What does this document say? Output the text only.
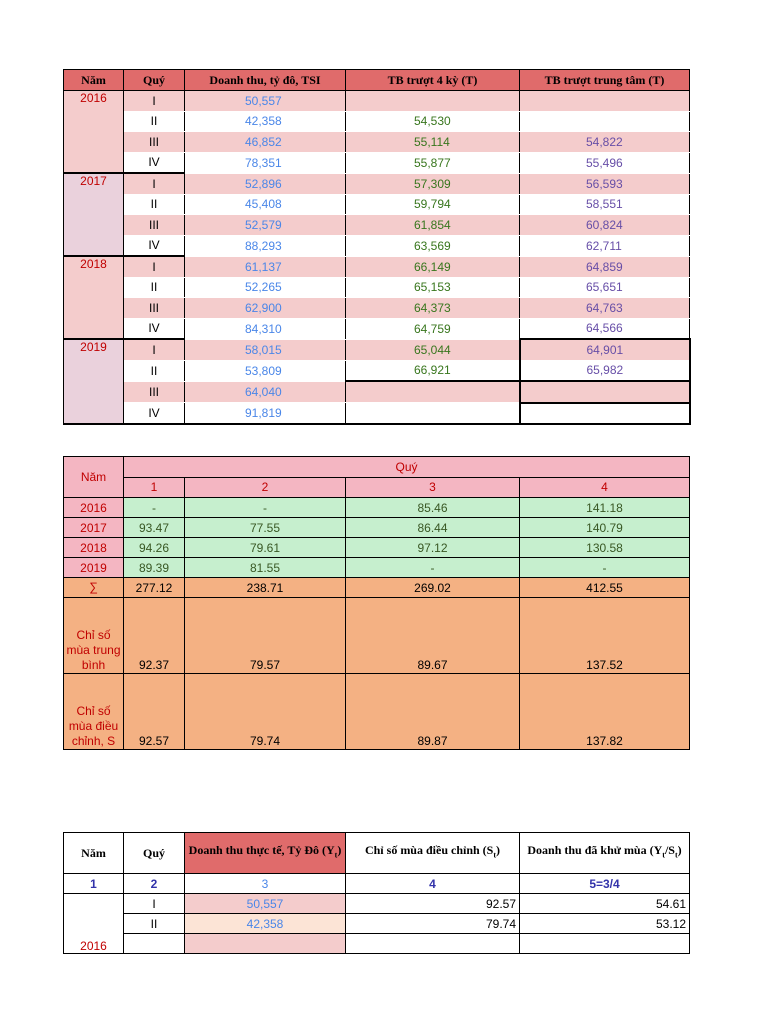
Năm	Quý	Doanh thu, tỷ đô, TSI	TB trượt 4 kỳ (T)	TB trượt trung tâm (T)
2016	I	50,557		
	II	42,358	54,530	
	III	46,852	55,114	54,822
	IV	78,351	55,877	55,496
2017	I	52,896	57,309	56,593
	II	45,408	59,794	58,551
	III	52,579	61,854	60,824
	IV	88,293	63,569	62,711
2018	I	61,137	66,149	64,859
	II	52,265	65,153	65,651
	III	62,900	64,373	64,763
	IV	84,310	64,759	64,566
2019	I	58,015	65,044	64,901
	II	53,809	66,921	65,982
	III	64,040		
	IV	91,819		
Năm	Quý			
	1	2	3	4
2016	-	-	85.46	141.18
2017	93.47	77.55	86.44	140.79
2018	94.26	79.61	97.12	130.58
2019	89.39	81.55	-	-
∑	277.12	238.71	269.02	412.55
Chỉ số mùa trung bình	92.37	79.57	89.67	137.52
Chỉ số mùa điều chỉnh, S	92.57	79.74	89.87	137.82
Năm	Quý	Doanh thu thực tế, Tỷ Đô $(Y_t)$	Chỉ số mùa điều chỉnh $(S_t)$	Doanh thu đã khử mùa $(Y_t/S_t)$
1	2	3	4	5=3/4
2016	I	50,557	92.57	54.61
	II	42,358	79.74	53.12
